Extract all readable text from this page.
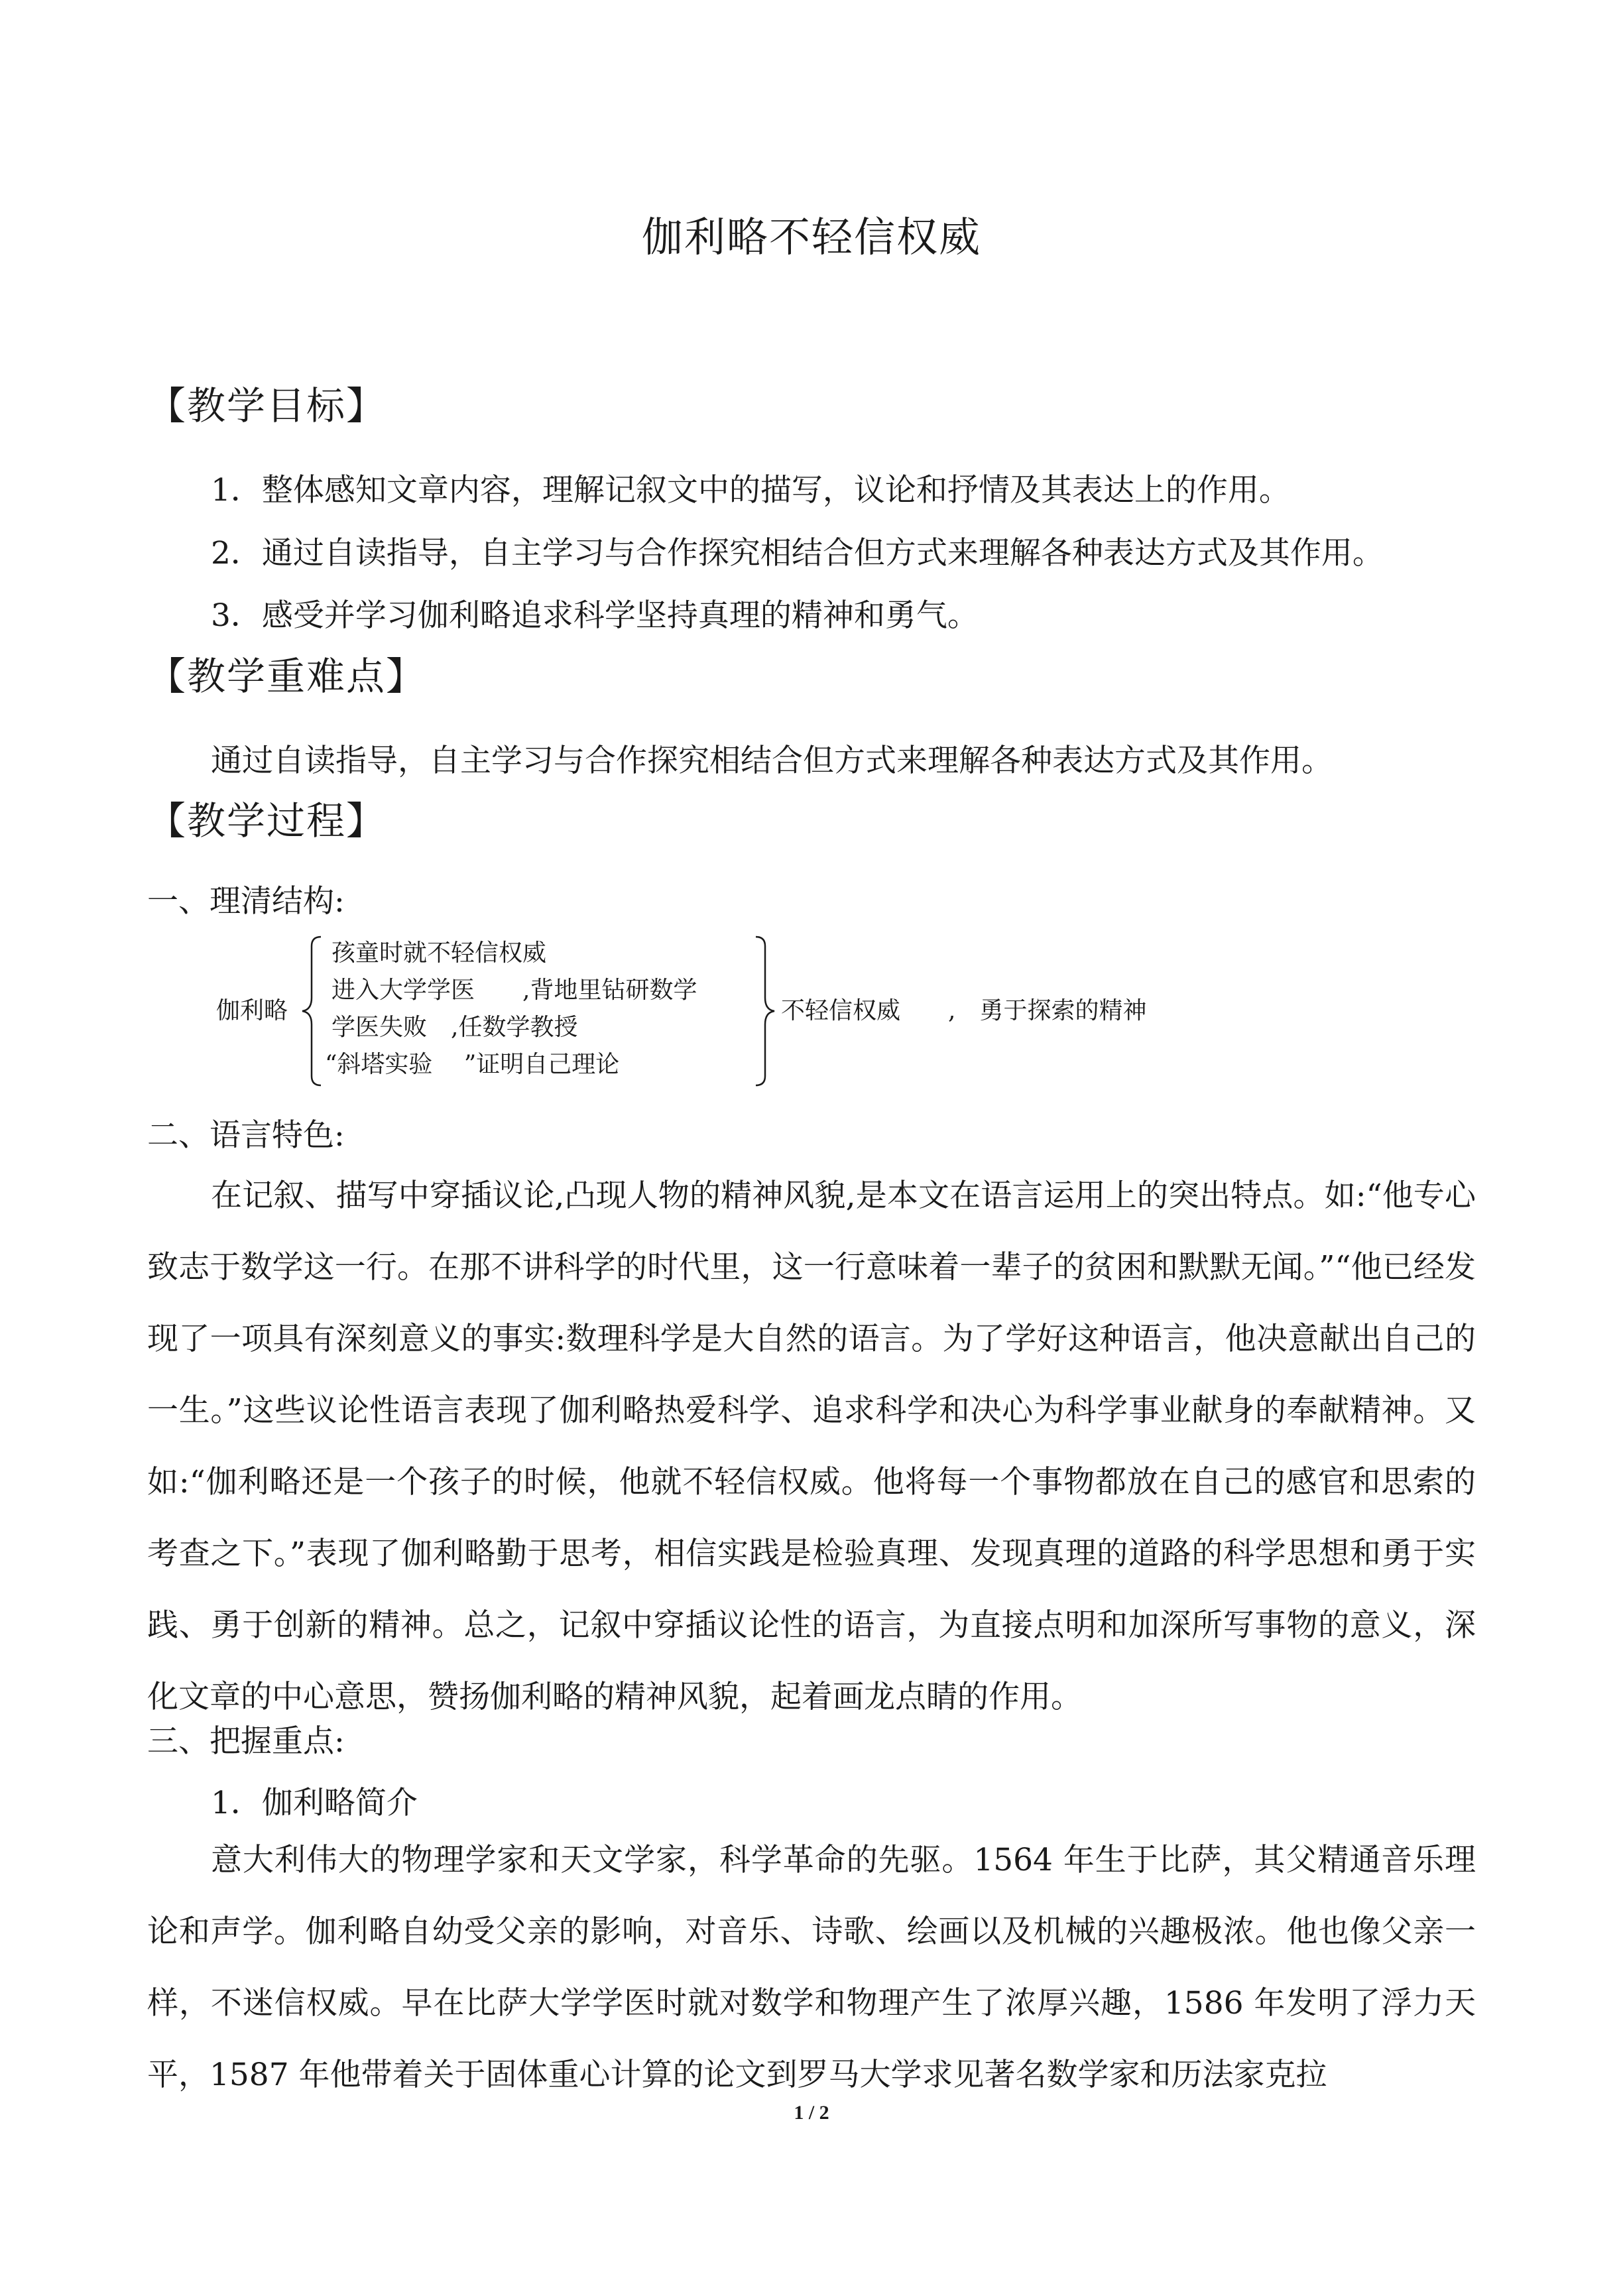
伽利略不轻信权威
【教学目标】
1．整体感知文章内容，理解记叙文中的描写，议论和抒情及其表达上的作用。
2．通过自读指导，自主学习与合作探究相结合但方式来理解各种表达方式及其作用。
3．感受并学习伽利略追求科学坚持真理的精神和勇气。
【教学重难点】
通过自读指导，自主学习与合作探究相结合但方式来理解各种表达方式及其作用。
【教学过程】
一、理清结构:
伽利略
孩童时就不轻信权威
进入大学学医　　,背地里钻研数学
学医失败　,任数学教授
“斜塔实验　 ”证明自己理论
不轻信权威　　,　勇于探索的精神
二、语言特色:
在记叙、描写中穿插议论,凸现人物的精神风貌,是本文在语言运用上的突出特点。如:“他专心致志于数学这一行。在那不讲科学的时代里，这一行意味着一辈子的贫困和默默无闻。”“他已经发现了一项具有深刻意义的事实:数理科学是大自然的语言。为了学好这种语言，他决意献出自己的一生。”这些议论性语言表现了伽利略热爱科学、追求科学和决心为科学事业献身的奉献精神。又如:“伽利略还是一个孩子的时候，他就不轻信权威。他将每一个事物都放在自己的感官和思索的考查之下。”表现了伽利略勤于思考，相信实践是检验真理、发现真理的道路的科学思想和勇于实践、勇于创新的精神。总之，记叙中穿插议论性的语言，为直接点明和加深所写事物的意义，深化文章的中心意思，赞扬伽利略的精神风貌，起着画龙点睛的作用。
三、把握重点:
1．伽利略简介
意大利伟大的物理学家和天文学家，科学革命的先驱。1564 年生于比萨，其父精通音乐理论和声学。伽利略自幼受父亲的影响，对音乐、诗歌、绘画以及机械的兴趣极浓。他也像父亲一样，不迷信权威。早在比萨大学学医时就对数学和物理产生了浓厚兴趣，1586 年发明了浮力天平，1587 年他带着关于固体重心计算的论文到罗马大学求见著名数学家和历法家克拉
1 / 2
